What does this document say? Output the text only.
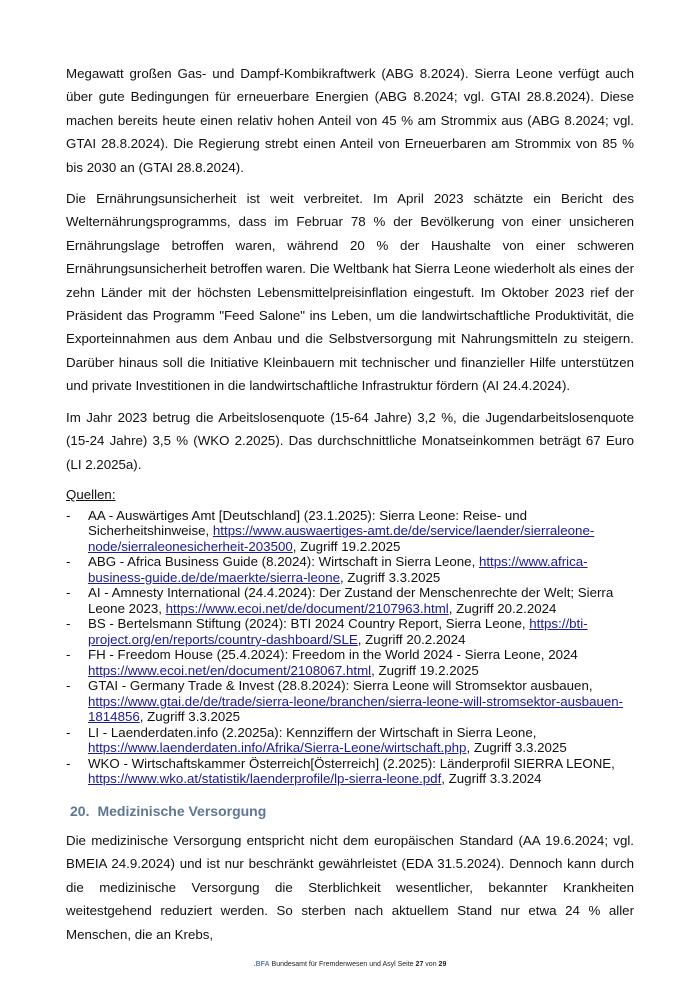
Megawatt großen Gas- und Dampf-Kombikraftwerk (ABG 8.2024). Sierra Leone verfügt auch über gute Bedingungen für erneuerbare Energien (ABG 8.2024; vgl. GTAI 28.8.2024). Diese machen bereits heute einen relativ hohen Anteil von 45 % am Strommix aus (ABG 8.2024; vgl. GTAI 28.8.2024). Die Regierung strebt einen Anteil von Erneuerbaren am Strommix von 85 % bis 2030 an (GTAI 28.8.2024).

Die Ernährungsunsicherheit ist weit verbreitet. Im April 2023 schätzte ein Bericht des Welternährungsprogramms, dass im Februar 78 % der Bevölkerung von einer unsicheren Ernährungslage betroffen waren, während 20 % der Haushalte von einer schweren Ernährungsunsicherheit betroffen waren. Die Weltbank hat Sierra Leone wiederholt als eines der zehn Länder mit der höchsten Lebensmittelpreisinflation eingestuft. Im Oktober 2023 rief der Präsident das Programm "Feed Salone" ins Leben, um die landwirtschaftliche Produktivität, die Exporteinnahmen aus dem Anbau und die Selbstversorgung mit Nahrungsmitteln zu steigern. Darüber hinaus soll die Initiative Kleinbauern mit technischer und finanzieller Hilfe unterstützen und private Investitionen in die landwirtschaftliche Infrastruktur fördern (AI 24.4.2024).

Im Jahr 2023 betrug die Arbeitslosenquote (15-64 Jahre) 3,2 %, die Jugendarbeitslosenquote (15-24 Jahre) 3,5 % (WKO 2.2025). Das durchschnittliche Monatseinkommen beträgt 67 Euro (LI 2.2025a).

Quellen:
-	AA - Auswärtiges Amt [Deutschland] (23.1.2025): Sierra Leone: Reise- und Sicherheitshinweise, https://www.auswaertiges-amt.de/de/service/laender/sierraleone-node/sierraleonesicherheit-203500, Zugriff 19.2.2025
-	ABG - Africa Business Guide (8.2024): Wirtschaft in Sierra Leone, https://www.africa-business-guide.de/de/maerkte/sierra-leone, Zugriff 3.3.2025
-	AI - Amnesty International (24.4.2024): Der Zustand der Menschenrechte der Welt; Sierra Leone 2023, https://www.ecoi.net/de/document/2107963.html, Zugriff 20.2.2024
-	BS - Bertelsmann Stiftung (2024): BTI 2024 Country Report, Sierra Leone, https://bti-project.org/en/reports/country-dashboard/SLE, Zugriff 20.2.2024
-	FH - Freedom House (25.4.2024): Freedom in the World 2024 - Sierra Leone, 2024 https://www.ecoi.net/en/document/2108067.html, Zugriff 19.2.2025
-	GTAI - Germany Trade & Invest (28.8.2024): Sierra Leone will Stromsektor ausbauen, https://www.gtai.de/de/trade/sierra-leone/branchen/sierra-leone-will-stromsektor-ausbauen-1814856, Zugriff 3.3.2025
-	LI - Laenderdaten.info (2.2025a): Kennziffern der Wirtschaft in Sierra Leone, https://www.laenderdaten.info/Afrika/Sierra-Leone/wirtschaft.php, Zugriff 3.3.2025
-	WKO - Wirtschaftskammer Österreich[Österreich] (2.2025): Länderprofil SIERRA LEONE, https://www.wko.at/statistik/laenderprofile/lp-sierra-leone.pdf, Zugriff 3.3.2024
20. Medizinische Versorgung

Die medizinische Versorgung entspricht nicht dem europäischen Standard (AA 19.6.2024; vgl. BMEIA 24.9.2024) und ist nur beschränkt gewährleistet (EDA 31.5.2024). Dennoch kann durch die medizinische Versorgung die Sterblichkeit wesentlicher, bekannter Krankheiten weitestgehend reduziert werden. So sterben nach aktuellem Stand nur etwa 24 % aller Menschen, die an Krebs,

.BFA Bundesamt für Fremdenwesen und Asyl Seite 27 von 29
